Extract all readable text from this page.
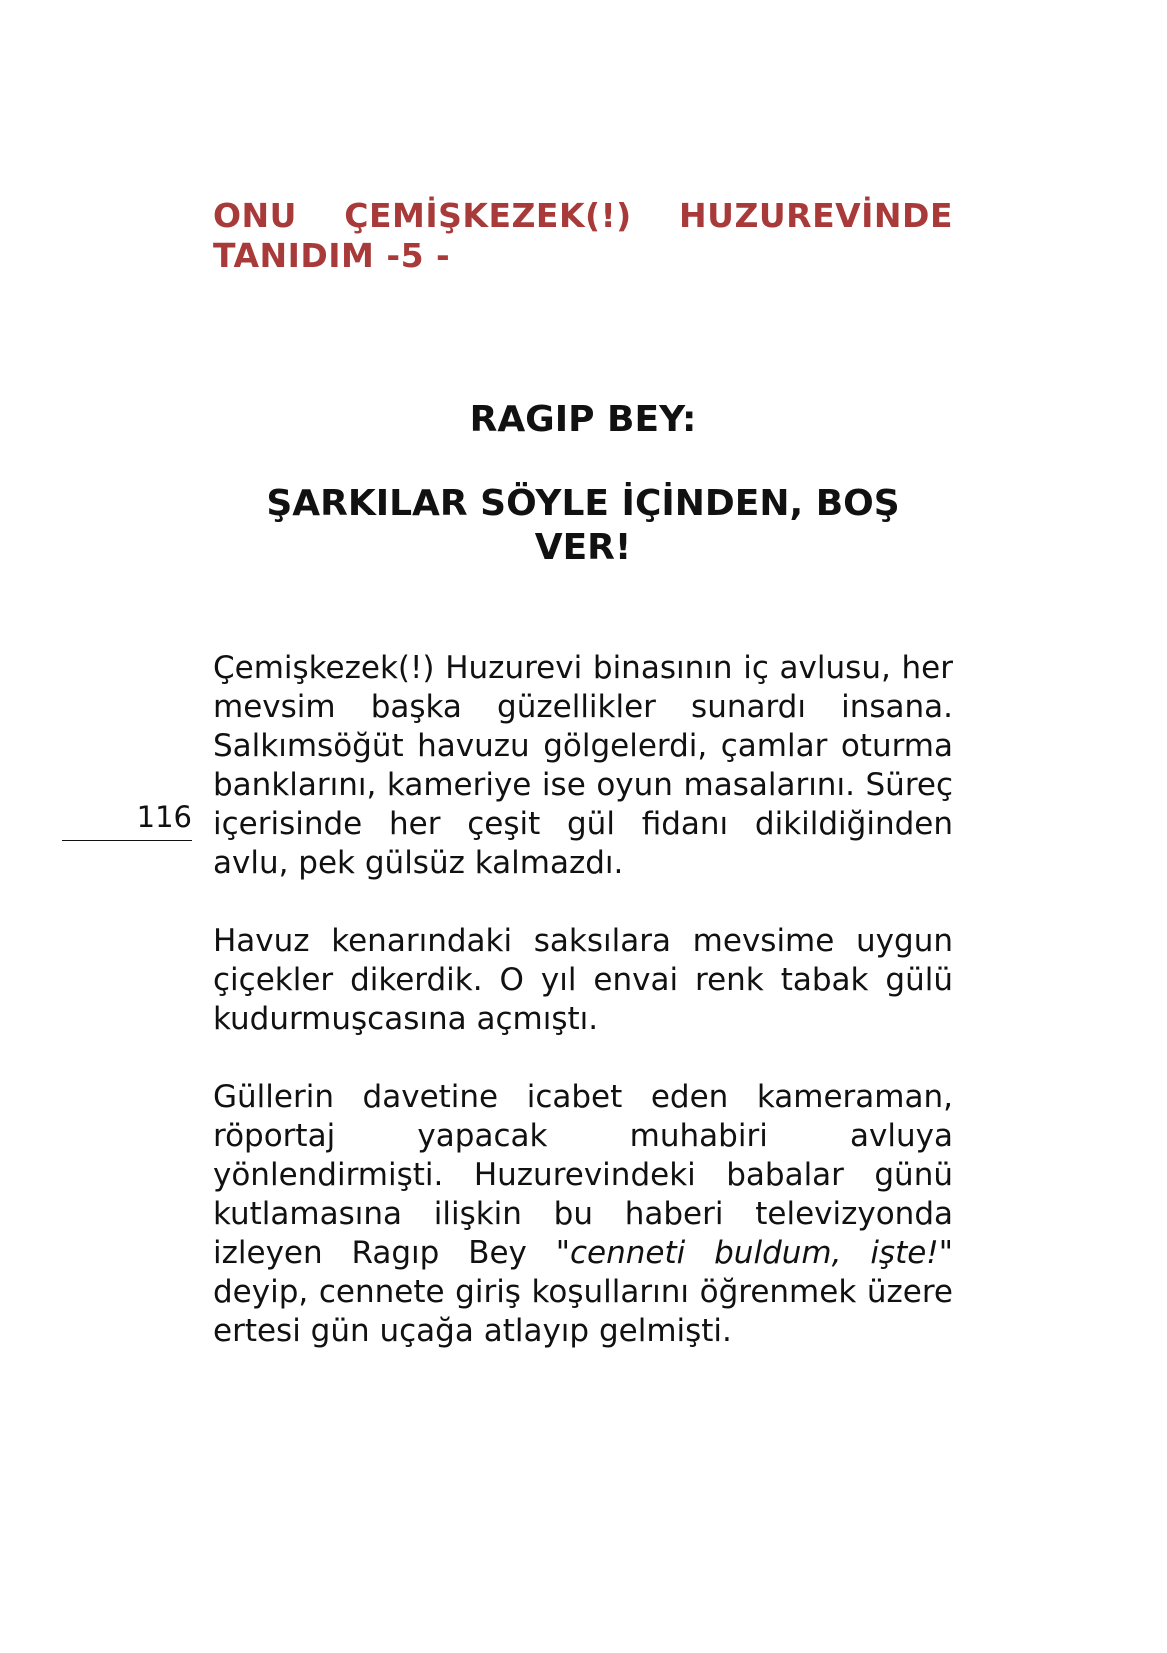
ONU ÇEMİŞKEZEK(!) HUZUREVİNDE TANIDIM -5 -
RAGIP BEY:
ŞARKILAR SÖYLE İÇİNDEN, BOŞ VER!
116

Çemişkezek(!) Huzurevi binasının iç avlusu, her mevsim başka güzellikler sunardı insana. Salkımsöğüt havuzu gölgelerdi, çamlar oturma banklarını, kameriye ise oyun masalarını. Süreç içerisinde her çeşit gül fidanı dikildiğinden avlu, pek gülsüz kalmazdı.

Havuz kenarındaki saksılara mevsime uygun çiçekler dikerdik. O yıl envai renk tabak gülü kudurmuşcasına açmıştı.

Güllerin davetine icabet eden kameraman, röportaj yapacak muhabiri avluya yönlendirmişti. Huzurevindeki babalar günü kutlamasına ilişkin bu haberi televizyonda izleyen Ragıp Bey "cenneti buldum, işte!" deyip, cennete giriş koşullarını öğrenmek üzere ertesi gün uçağa atlayıp gelmişti.
